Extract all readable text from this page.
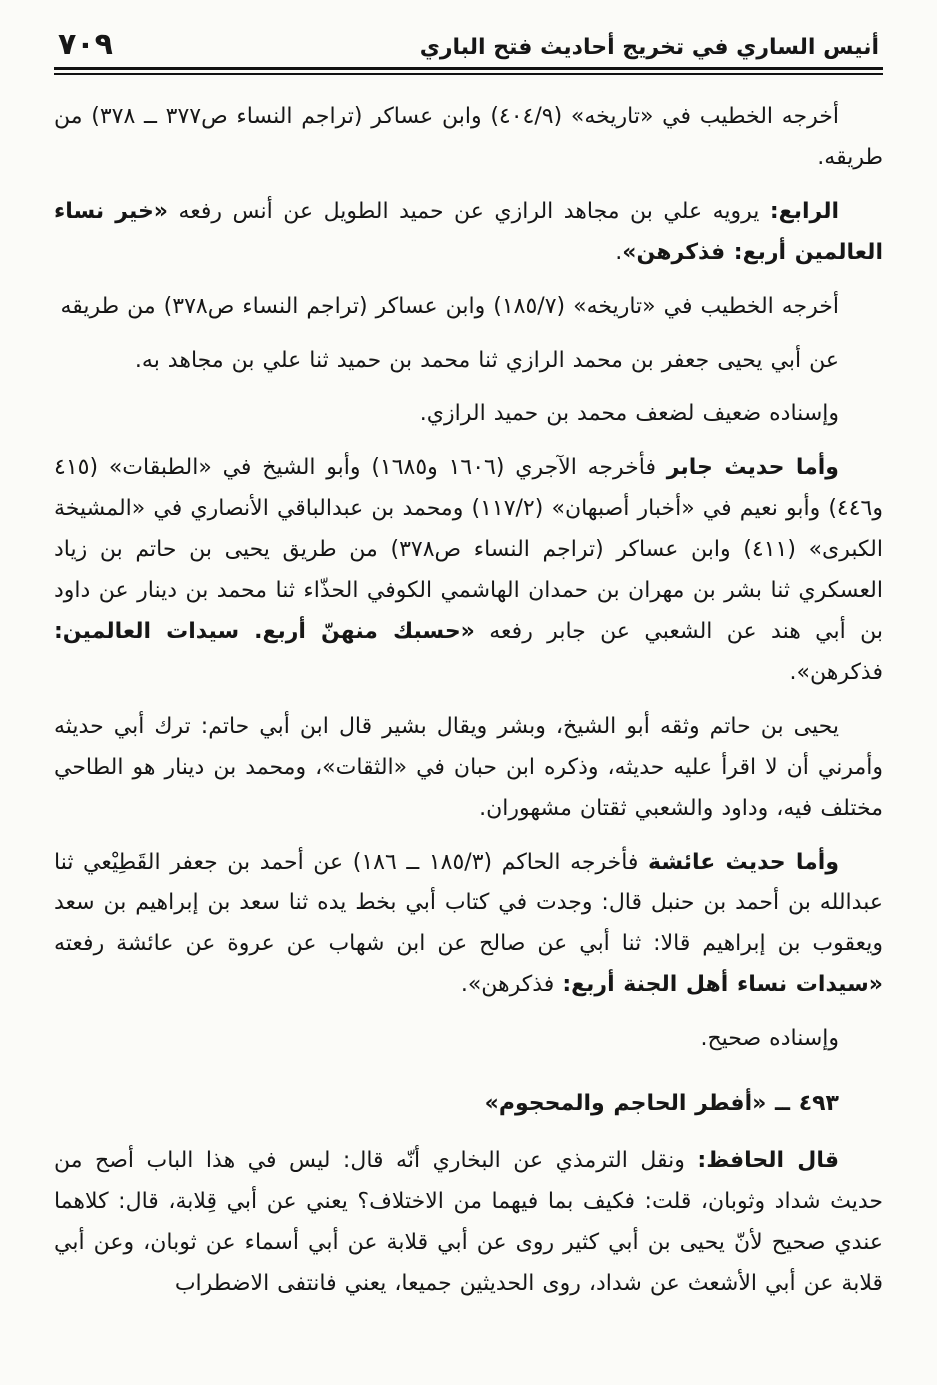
أنيس الساري في تخريج أحاديث فتح الباري
٧٠٩

أخرجه الخطيب في «تاريخه» (٤٠٤/٩) وابن عساكر (تراجم النساء ص٣٧٧ ــ ٣٧٨) من طريقه.

الرابع: يرويه علي بن مجاهد الرازي عن حميد الطويل عن أنس رفعه «خير نساء العالمين أربع: فذكرهن».

أخرجه الخطيب في «تاريخه» (١٨٥/٧) وابن عساكر (تراجم النساء ص٣٧٨) من طريقه

عن أبي يحيى جعفر بن محمد الرازي ثنا محمد بن حميد ثنا علي بن مجاهد به.

وإسناده ضعيف لضعف محمد بن حميد الرازي.

وأما حديث جابر فأخرجه الآجري (١٦٠٦ و١٦٨٥) وأبو الشيخ في «الطبقات» (٤١٥ و٤٤٦) وأبو نعيم في «أخبار أصبهان» (١١٧/٢) ومحمد بن عبدالباقي الأنصاري في «المشيخة الكبرى» (٤١١) وابن عساكر (تراجم النساء ص٣٧٨) من طريق يحيى بن حاتم بن زياد العسكري ثنا بشر بن مهران بن حمدان الهاشمي الكوفي الحذّاء ثنا محمد بن دينار عن داود بن أبي هند عن الشعبي عن جابر رفعه «حسبك منهنّ أربع. سيدات العالمين: فذكرهن».

يحيى بن حاتم وثقه أبو الشيخ، وبشر ويقال بشير قال ابن أبي حاتم: ترك أبي حديثه وأمرني أن لا اقرأ عليه حديثه، وذكره ابن حبان في «الثقات»، ومحمد بن دينار هو الطاحي مختلف فيه، وداود والشعبي ثقتان مشهوران.

وأما حديث عائشة فأخرجه الحاكم (١٨٥/٣ ــ ١٨٦) عن أحمد بن جعفر القَطِيْعي ثنا عبدالله بن أحمد بن حنبل قال: وجدت في كتاب أبي بخط يده ثنا سعد بن إبراهيم بن سعد ويعقوب بن إبراهيم قالا: ثنا أبي عن صالح عن ابن شهاب عن عروة عن عائشة رفعته «سيدات نساء أهل الجنة أربع: فذكرهن».

وإسناده صحيح.

٤٩٣ ــ «أفطر الحاجم والمحجوم»

قال الحافظ: ونقل الترمذي عن البخاري أنّه قال: ليس في هذا الباب أصح من حديث شداد وثوبان، قلت: فكيف بما فيهما من الاختلاف؟ يعني عن أبي قِلابة، قال: كلاهما عندي صحيح لأنّ يحيى بن أبي كثير روى عن أبي قلابة عن أبي أسماء عن ثوبان، وعن أبي قلابة عن أبي الأشعث عن شداد، روى الحديثين جميعا، يعني فانتفى الاضطراب
